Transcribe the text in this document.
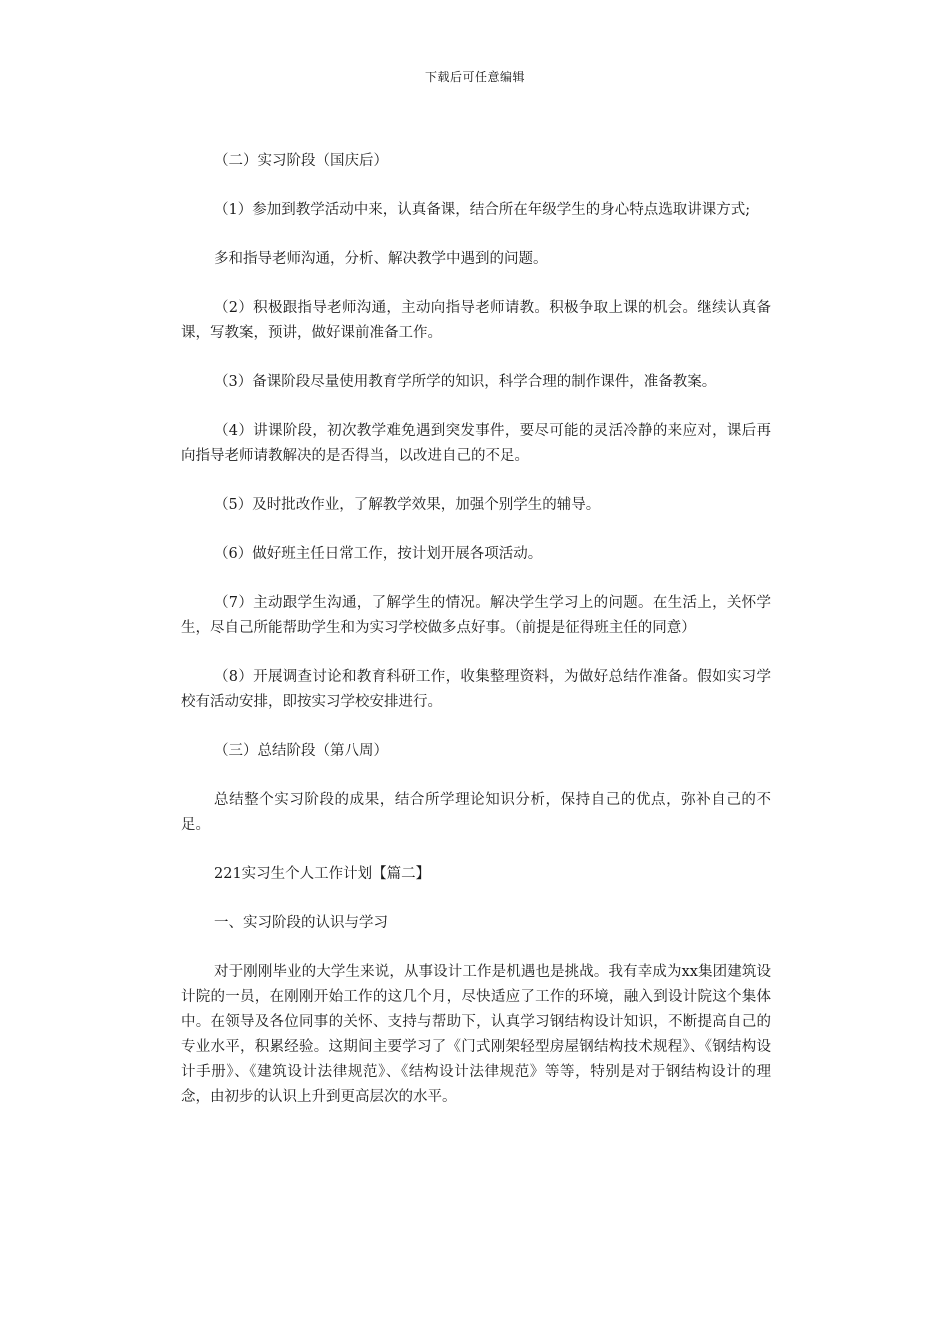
下载后可任意编辑

（二）实习阶段（国庆后）

（1）参加到教学活动中来，认真备课，结合所在年级学生的身心特点选取讲课方式;

多和指导老师沟通，分析、解决教学中遇到的问题。

（2）积极跟指导老师沟通，主动向指导老师请教。积极争取上课的机会。继续认真备课，写教案，预讲，做好课前准备工作。

（3）备课阶段尽量使用教育学所学的知识，科学合理的制作课件，准备教案。

（4）讲课阶段，初次教学难免遇到突发事件，要尽可能的灵活冷静的来应对，课后再向指导老师请教解决的是否得当，以改进自己的不足。

（5）及时批改作业，了解教学效果，加强个别学生的辅导。

（6）做好班主任日常工作，按计划开展各项活动。

（7）主动跟学生沟通，了解学生的情况。解决学生学习上的问题。在生活上，关怀学生，尽自己所能帮助学生和为实习学校做多点好事。（前提是征得班主任的同意）

（8）开展调查讨论和教育科研工作，收集整理资料，为做好总结作准备。假如实习学校有活动安排，即按实习学校安排进行。

（三）总结阶段（第八周）

总结整个实习阶段的成果，结合所学理论知识分析，保持自己的优点，弥补自己的不足。

221实习生个人工作计划【篇二】

一、实习阶段的认识与学习

对于刚刚毕业的大学生来说，从事设计工作是机遇也是挑战。我有幸成为xx集团建筑设计院的一员，在刚刚开始工作的这几个月，尽快适应了工作的环境，融入到设计院这个集体中。在领导及各位同事的关怀、支持与帮助下，认真学习钢结构设计知识，不断提高自己的专业水平，积累经验。这期间主要学习了《门式刚架轻型房屋钢结构技术规程》、《钢结构设计手册》、《建筑设计法律规范》、《结构设计法律规范》等等，特别是对于钢结构设计的理念，由初步的认识上升到更高层次的水平。
